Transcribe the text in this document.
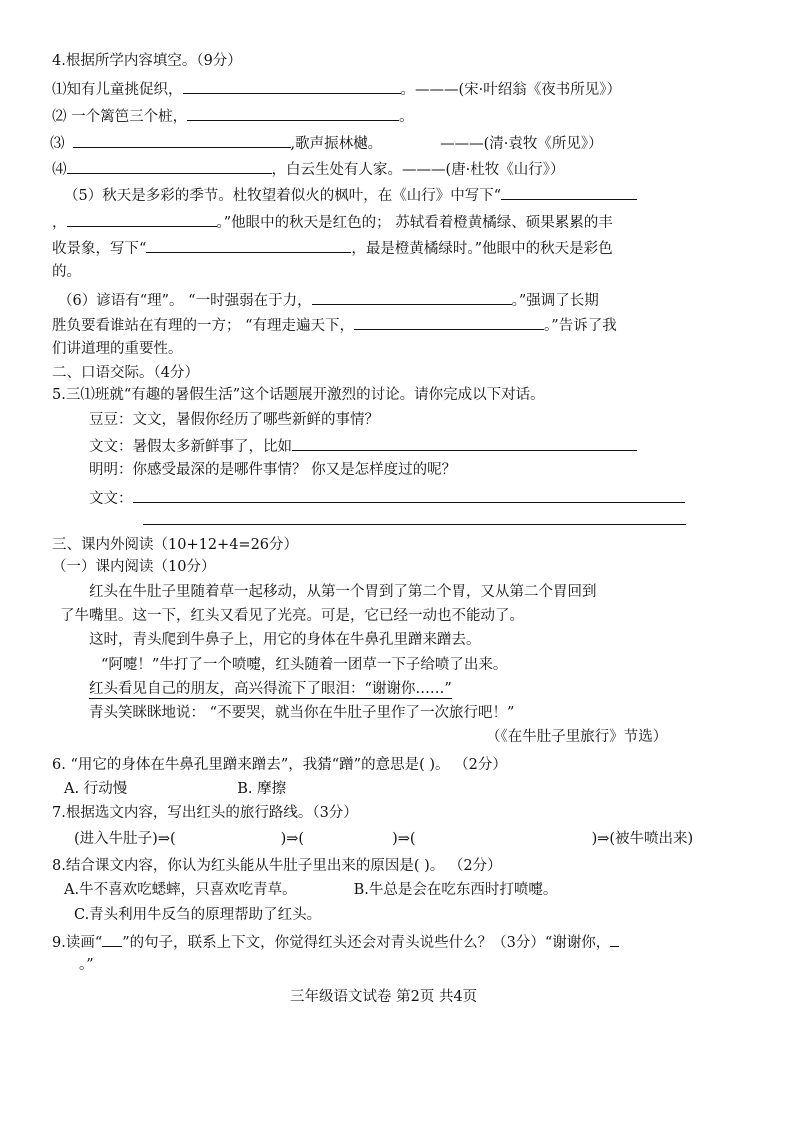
4.根据所学内容填空。（9分）
⑴知有儿童挑促织，	。———(宋·叶绍翁《夜书所见》）
⑵ 一个篱笆三个桩，	。
⑶	,歌声振林樾。	———(清·袁牧《所见》）
⑷	，白云生处有人家。———(唐·杜牧《山行》）
（5）秋天是多彩的季节。杜牧望着似火的枫叶，在《山行》中写下“
，	。”他眼中的秋天是红色的； 苏轼看着橙黄橘绿、硕果累累的丰
收景象，写下“	，最是橙黄橘绿时。”他眼中的秋天是彩色
的。
（6）谚语有“理”。 “一时强弱在于力，	。”强调了长期
胜负要看谁站在有理的一方； “有理走遍天下，	。”告诉了我
们讲道理的重要性。
二、口语交际。（4分）
5.三⑴班就“有趣的暑假生活”这个话题展开激烈的讨论。请你完成以下对话。
豆豆：文文，暑假你经历了哪些新鲜的事情？
文文：暑假太多新鲜事了，比如
明明：你感受最深的是哪件事情？ 你又是怎样度过的呢？
文文：
三、课内外阅读（10+12+4=26分）
（一）课内阅读（10分）
红头在牛肚子里随着草一起移动，从第一个胃到了第二个胃，又从第二个胃回到
了牛嘴里。这一下，红头又看见了光亮。可是，它已经一动也不能动了。
这时，青头爬到牛鼻子上，用它的身体在牛鼻孔里蹭来蹭去。
“阿嚏！”牛打了一个喷嚏，红头随着一团草一下子给喷了出来。
红头看见自己的朋友，高兴得流下了眼泪：“谢谢你……”
青头笑眯眯地说： “不要哭，就当你在牛肚子里作了一次旅行吧！”
（《在牛肚子里旅行》节选）
6. “用它的身体在牛鼻孔里蹭来蹭去”，我猜“蹭”的意思是( )。 （2分）
A. 行动慢	B. 摩擦
7.根据选文内容，写出红头的旅行路线。（3分）
(进入牛肚子)⇒(	)⇒(	)⇒(	)⇒(被牛喷出来)
8.结合课文内容，你认为红头能从牛肚子里出来的原因是( )。 （2分）
A.牛不喜欢吃蟋蟀，只喜欢吃青草。	B.牛总是会在吃东西时打喷嚏。
C.青头利用牛反刍的原理帮助了红头。
9.读画“ ”的句子，联系上下文，你觉得红头还会对青头说些什么？（3分）“谢谢你，
。”
三年级语文试卷 第2页 共4页
